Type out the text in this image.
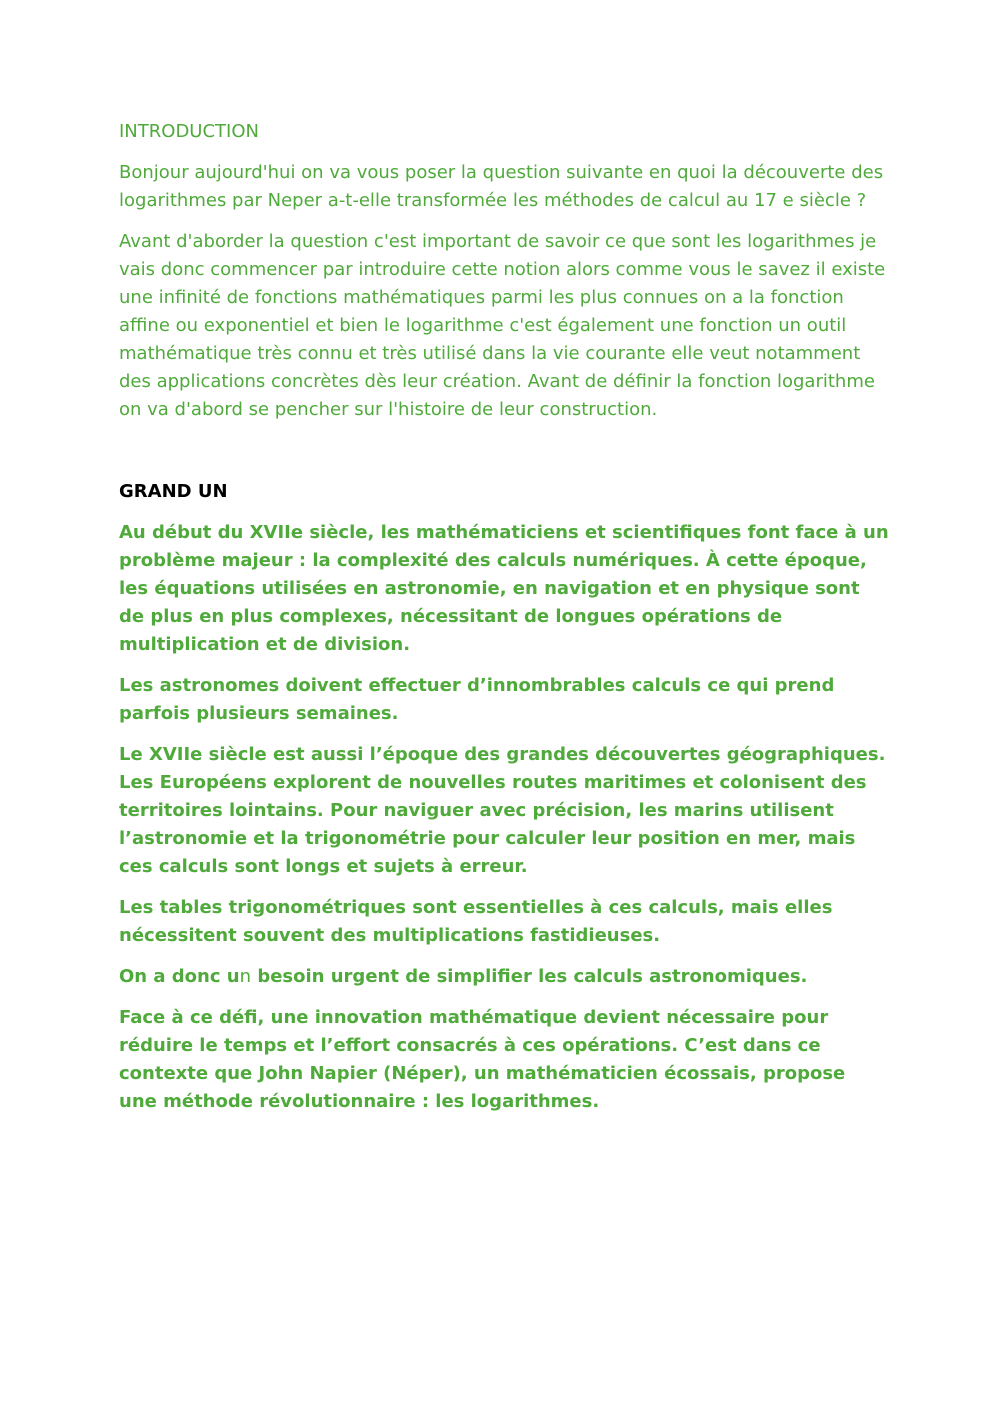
INTRODUCTION

Bonjour aujourd'hui on va vous poser la question suivante en quoi la découverte des logarithmes par Neper a-t-elle transformée les méthodes de calcul au 17 e siècle ?

Avant d'aborder la question c'est important de savoir ce que sont les logarithmes je vais donc commencer par introduire cette notion alors comme vous le savez il existe une infinité de fonctions mathématiques parmi les plus connues on a la fonction affine ou exponentiel et bien le logarithme c'est également une fonction un outil mathématique très connu et très utilisé dans la vie courante elle veut notamment des applications concrètes dès leur création. Avant de définir la fonction logarithme on va d'abord se pencher sur l'histoire de leur construction.

GRAND UN

Au début du XVIIe siècle, les mathématiciens et scientifiques font face à un problème majeur : la complexité des calculs numériques. À cette époque, les équations utilisées en astronomie, en navigation et en physique sont de plus en plus complexes, nécessitant de longues opérations de multiplication et de division.

Les astronomes doivent effectuer d’innombrables calculs ce qui prend parfois plusieurs semaines.

Le XVIIe siècle est aussi l’époque des grandes découvertes géographiques. Les Européens explorent de nouvelles routes maritimes et colonisent des territoires lointains. Pour naviguer avec précision, les marins utilisent l’astronomie et la trigonométrie pour calculer leur position en mer, mais ces calculs sont longs et sujets à erreur.

Les tables trigonométriques sont essentielles à ces calculs, mais elles nécessitent souvent des multiplications fastidieuses.

On a donc un besoin urgent de simplifier les calculs astronomiques.

Face à ce défi, une innovation mathématique devient nécessaire pour réduire le temps et l’effort consacrés à ces opérations. C’est dans ce contexte que John Napier (Néper), un mathématicien écossais, propose une méthode révolutionnaire : les logarithmes.
